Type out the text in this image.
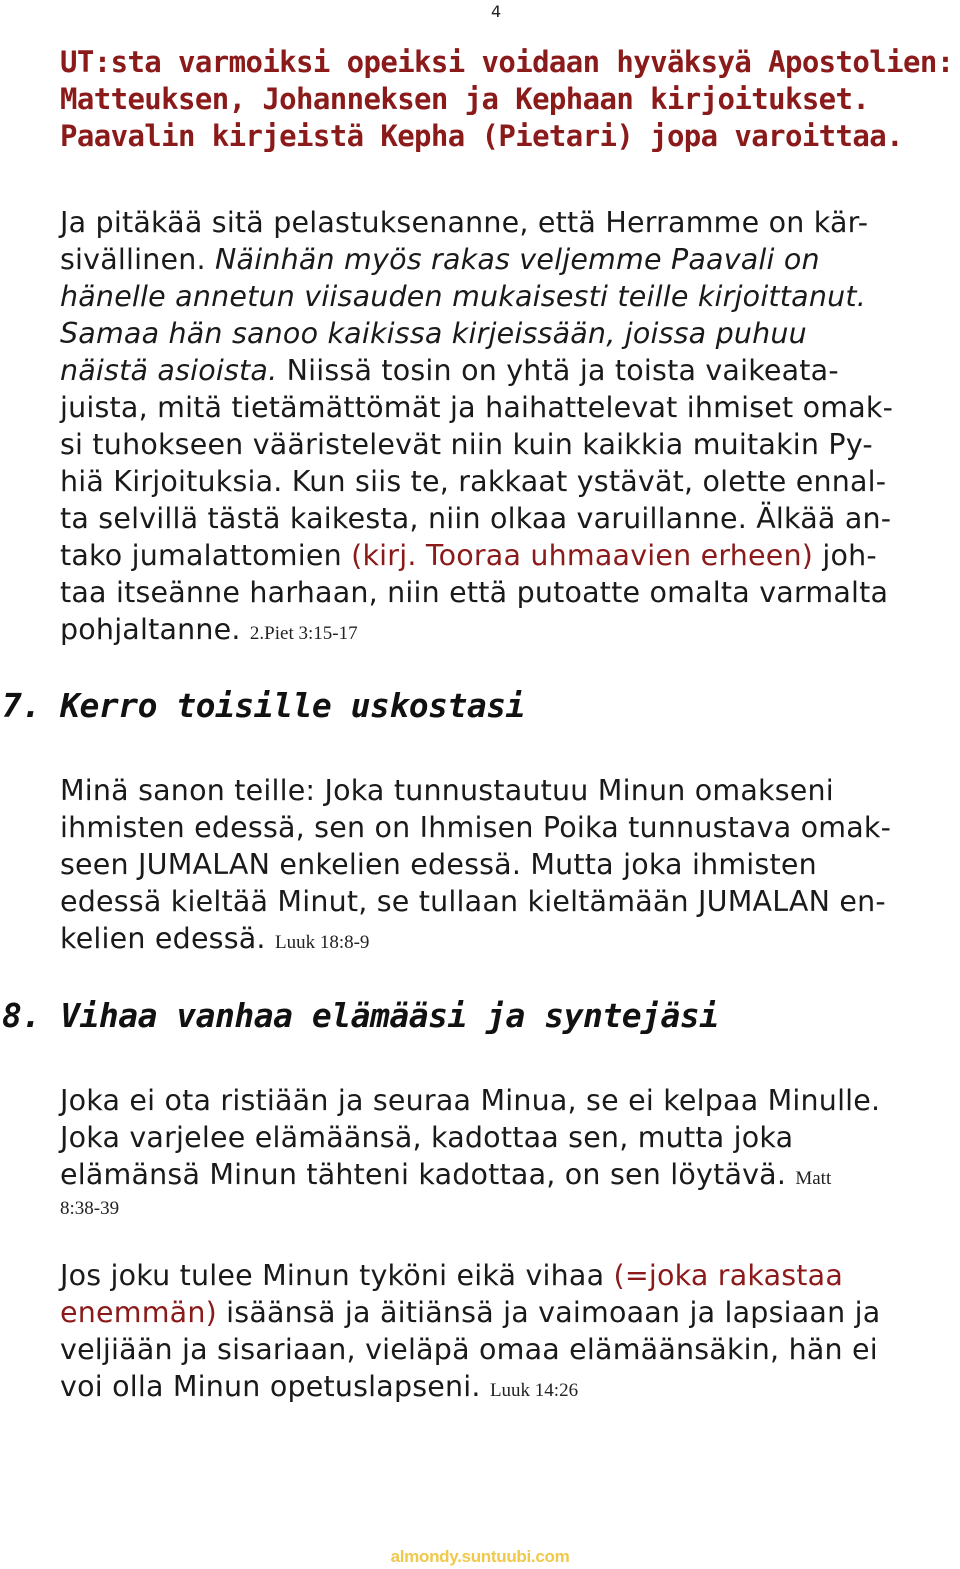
4
UT:sta varmoiksi opeiksi voidaan hyväksyä Apostolien:
Matteuksen, Johanneksen ja Kephaan kirjoitukset.
Paavalin kirjeistä Kepha (Pietari) jopa varoittaa.
Ja pitäkää sitä pelastuksenanne, että Herramme on kär-
sivällinen. Näinhän myös rakas veljemme Paavali on
hänelle annetun viisauden mukaisesti teille kirjoittanut.
Samaa hän sanoo kaikissa kirjeissään, joissa puhuu
näistä asioista. Niissä tosin on yhtä ja toista vaikeata-
juista, mitä tietämättömät ja haihattelevat ihmiset omak-
si tuhokseen vääristelevät niin kuin kaikkia muitakin Py-
hiä Kirjoituksia. Kun siis te, rakkaat ystävät, olette ennal-
ta selvillä tästä kaikesta, niin olkaa varuillanne. Älkää an-
tako jumalattomien (kirj. Tooraa uhmaavien erheen) joh-
taa itseänne harhaan, niin että putoatte omalta varmalta
pohjaltanne. 2.Piet 3:15-17
7. Kerro toisille uskostasi
Minä sanon teille: Joka tunnustautuu Minun omakseni
ihmisten edessä, sen on Ihmisen Poika tunnustava omak-
seen JUMALAN enkelien edessä. Mutta joka ihmisten
edessä kieltää Minut, se tullaan kieltämään JUMALAN en-
kelien edessä. Luuk 18:8-9
8. Vihaa vanhaa elämääsi ja syntejäsi
Joka ei ota ristiään ja seuraa Minua, se ei kelpaa Minulle.
Joka varjelee elämäänsä, kadottaa sen, mutta joka
elämänsä Minun tähteni kadottaa, on sen löytävä. Matt
8:38-39
Jos joku tulee Minun tyköni eikä vihaa (=joka rakastaa
enemmän) isäänsä ja äitiänsä ja vaimoaan ja lapsiaan ja
veljiään ja sisariaan, vieläpä omaa elämäänsäkin, hän ei
voi olla Minun opetuslapseni. Luuk 14:26
almondy.suntuubi.com
